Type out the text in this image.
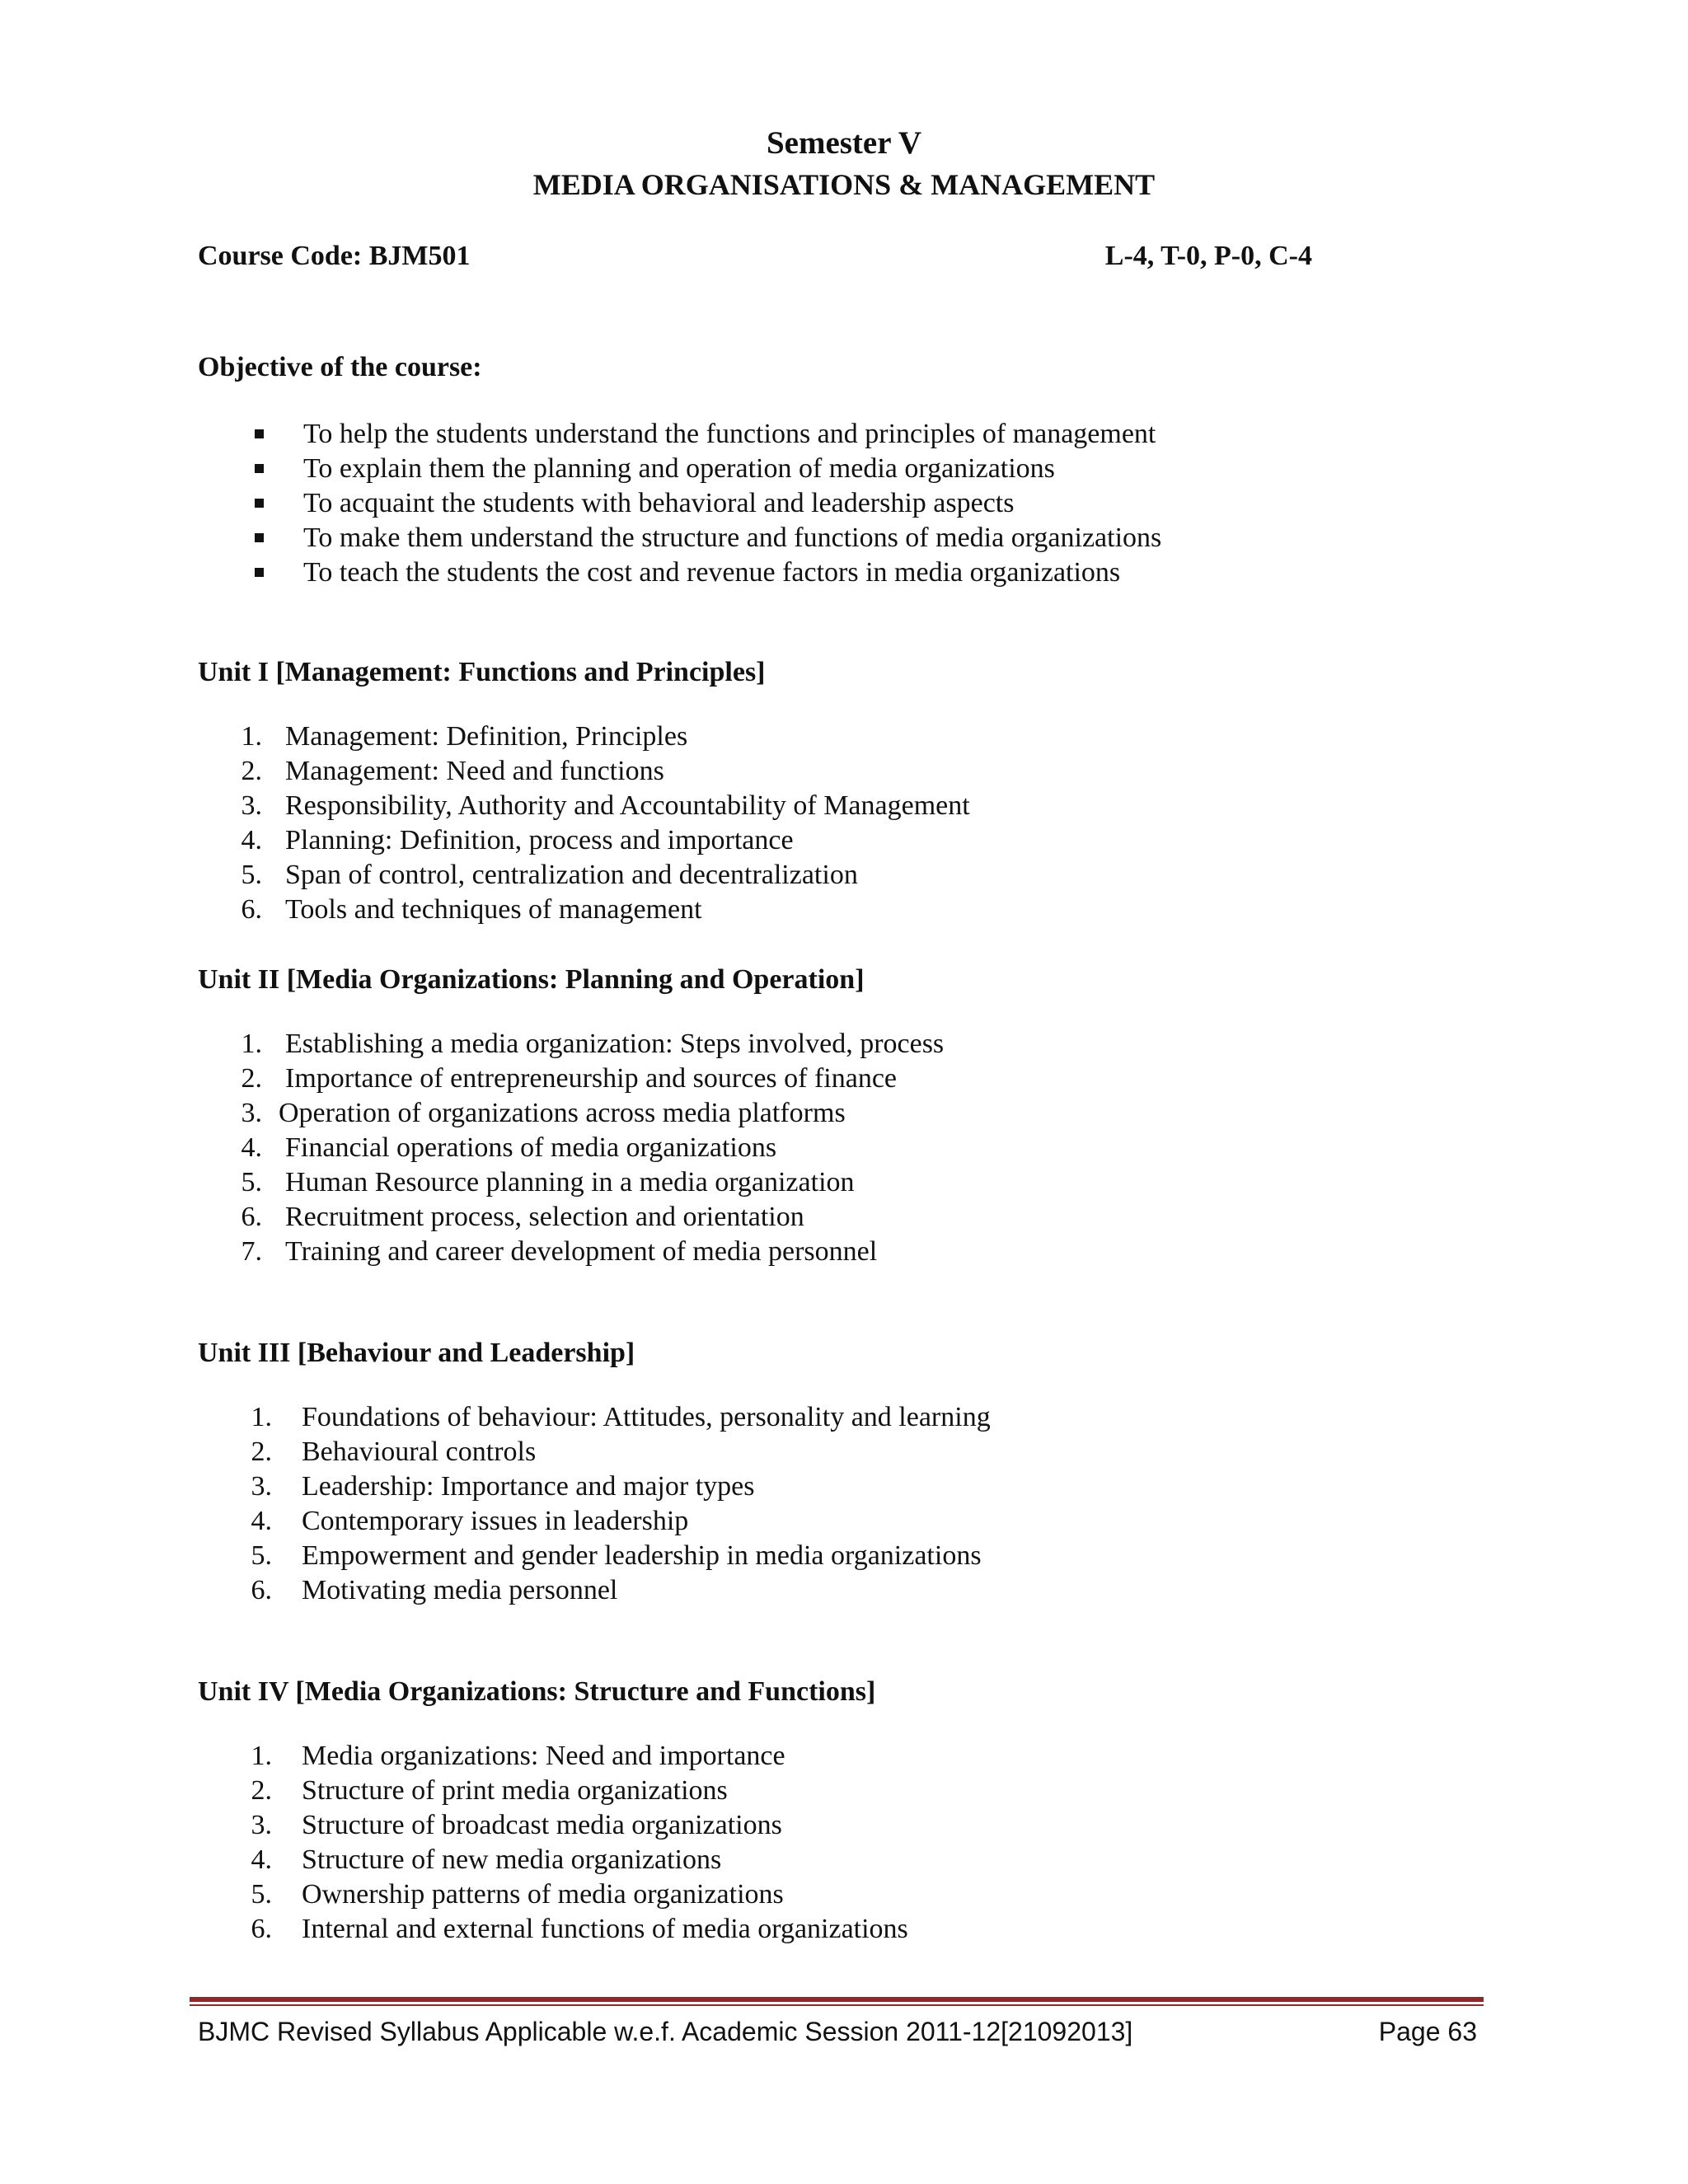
Semester V
MEDIA ORGANISATIONS & MANAGEMENT
Course Code: BJM501	L-4, T-0, P-0, C-4
Objective of the course:
To help the students understand the functions and principles of management
To explain them the planning and operation of media organizations
To acquaint the students with behavioral and leadership aspects
To make them understand the structure and functions of media organizations
To teach the students the cost and revenue factors in media organizations
Unit I [Management: Functions and Principles]
1. Management: Definition, Principles
2. Management: Need and functions
3. Responsibility, Authority and Accountability of Management
4. Planning: Definition, process and importance
5. Span of control, centralization and decentralization
6. Tools and techniques of management
Unit II [Media Organizations: Planning and Operation]
1. Establishing a media organization: Steps involved, process
2. Importance of entrepreneurship and sources of finance
3. Operation of organizations across media platforms
4. Financial operations of media organizations
5. Human Resource planning in a media organization
6. Recruitment process, selection and orientation
7. Training and career development of media personnel
Unit III [Behaviour and Leadership]
1. Foundations of behaviour: Attitudes, personality and learning
2. Behavioural controls
3. Leadership: Importance and major types
4. Contemporary issues in leadership
5. Empowerment and gender leadership in media organizations
6. Motivating media personnel
Unit IV [Media Organizations: Structure and Functions]
1. Media organizations: Need and importance
2. Structure of print media organizations
3. Structure of broadcast media organizations
4. Structure of new media organizations
5. Ownership patterns of media organizations
6. Internal and external functions of media organizations
BJMC Revised Syllabus Applicable w.e.f. Academic Session 2011-12[21092013]	Page 63
